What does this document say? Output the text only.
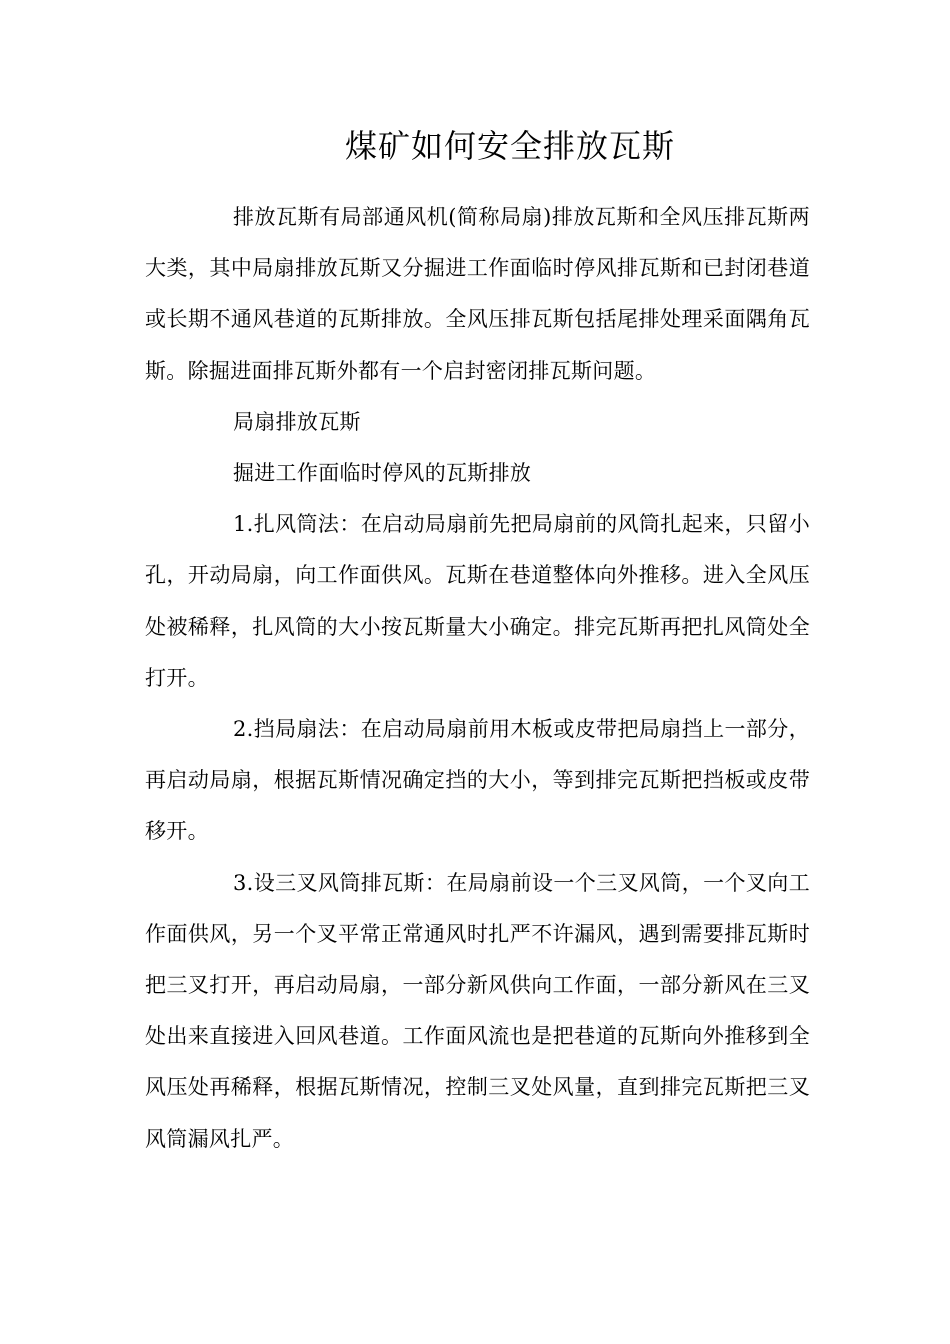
煤矿如何安全排放瓦斯

排放瓦斯有局部通风机(简称局扇)排放瓦斯和全风压排瓦斯两大类，其中局扇排放瓦斯又分掘进工作面临时停风排瓦斯和已封闭巷道或长期不通风巷道的瓦斯排放。全风压排瓦斯包括尾排处理采面隅角瓦斯。除掘进面排瓦斯外都有一个启封密闭排瓦斯问题。

局扇排放瓦斯

掘进工作面临时停风的瓦斯排放

1.扎风筒法：在启动局扇前先把局扇前的风筒扎起来，只留小孔，开动局扇，向工作面供风。瓦斯在巷道整体向外推移。进入全风压处被稀释，扎风筒的大小按瓦斯量大小确定。排完瓦斯再把扎风筒处全打开。

2.挡局扇法：在启动局扇前用木板或皮带把局扇挡上一部分，再启动局扇，根据瓦斯情况确定挡的大小，等到排完瓦斯把挡板或皮带移开。

3.设三叉风筒排瓦斯：在局扇前设一个三叉风筒，一个叉向工作面供风，另一个叉平常正常通风时扎严不许漏风，遇到需要排瓦斯时把三叉打开，再启动局扇，一部分新风供向工作面，一部分新风在三叉处出来直接进入回风巷道。工作面风流也是把巷道的瓦斯向外推移到全风压处再稀释，根据瓦斯情况，控制三叉处风量，直到排完瓦斯把三叉风筒漏风扎严。
